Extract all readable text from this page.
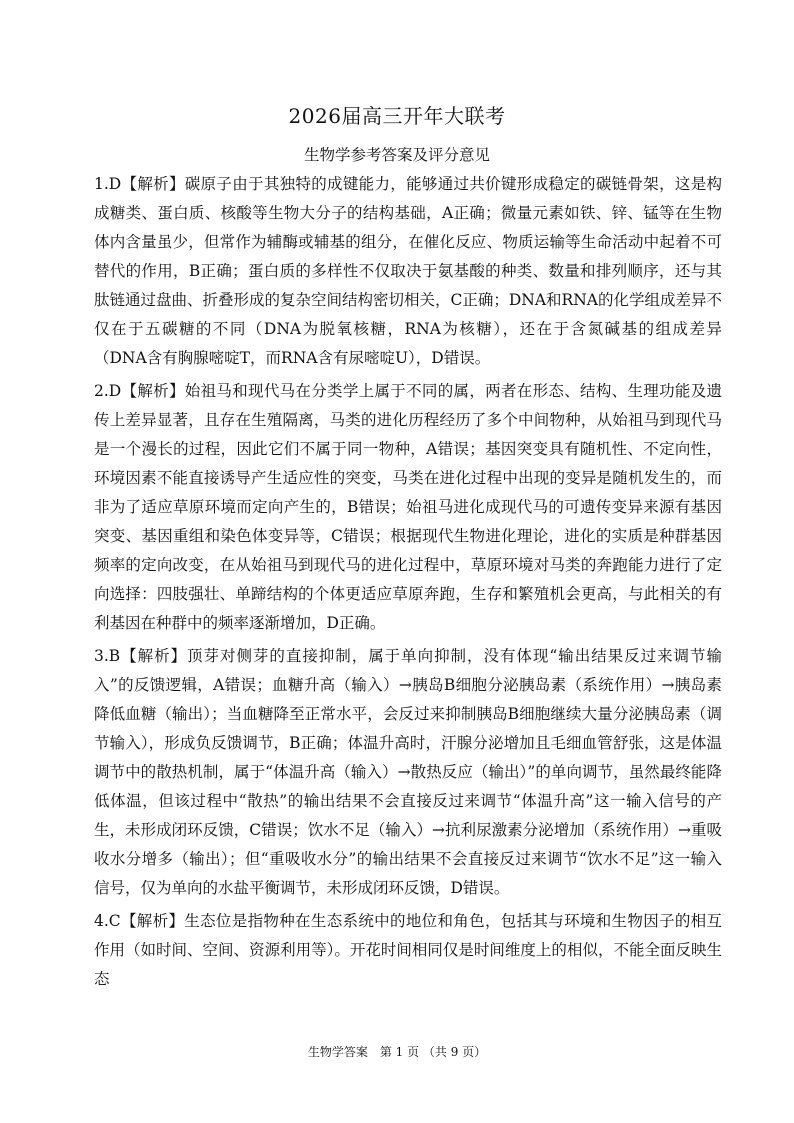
2026届高三开年大联考
生物学参考答案及评分意见

1.D【解析】碳原子由于其独特的成键能力，能够通过共价键形成稳定的碳链骨架，这是构成糖类、蛋白质、核酸等生物大分子的结构基础，A正确；微量元素如铁、锌、锰等在生物体内含量虽少，但常作为辅酶或辅基的组分，在催化反应、物质运输等生命活动中起着不可替代的作用，B正确；蛋白质的多样性不仅取决于氨基酸的种类、数量和排列顺序，还与其肽链通过盘曲、折叠形成的复杂空间结构密切相关，C正确；DNA和RNA的化学组成差异不仅在于五碳糖的不同（DNA为脱氧核糖，RNA为核糖），还在于含氮碱基的组成差异（DNA含有胸腺嘧啶T，而RNA含有尿嘧啶U），D错误。

2.D【解析】始祖马和现代马在分类学上属于不同的属，两者在形态、结构、生理功能及遗传上差异显著，且存在生殖隔离，马类的进化历程经历了多个中间物种，从始祖马到现代马是一个漫长的过程，因此它们不属于同一物种，A错误；基因突变具有随机性、不定向性，环境因素不能直接诱导产生适应性的突变，马类在进化过程中出现的变异是随机发生的，而非为了适应草原环境而定向产生的，B错误；始祖马进化成现代马的可遗传变异来源有基因突变、基因重组和染色体变异等，C错误；根据现代生物进化理论，进化的实质是种群基因频率的定向改变，在从始祖马到现代马的进化过程中，草原环境对马类的奔跑能力进行了定向选择：四肢强壮、单蹄结构的个体更适应草原奔跑，生存和繁殖机会更高，与此相关的有利基因在种群中的频率逐渐增加，D正确。

3.B【解析】顶芽对侧芽的直接抑制，属于单向抑制，没有体现“输出结果反过来调节输入”的反馈逻辑，A错误；血糖升高（输入）→胰岛B细胞分泌胰岛素（系统作用）→胰岛素降低血糖（输出）；当血糖降至正常水平，会反过来抑制胰岛B细胞继续大量分泌胰岛素（调节输入），形成负反馈调节，B正确；体温升高时，汗腺分泌增加且毛细血管舒张，这是体温调节中的散热机制，属于“体温升高（输入）→散热反应（输出）”的单向调节，虽然最终能降低体温，但该过程中“散热”的输出结果不会直接反过来调节“体温升高”这一输入信号的产生，未形成闭环反馈，C错误；饮水不足（输入）→抗利尿激素分泌增加（系统作用）→重吸收水分增多（输出）；但“重吸收水分”的输出结果不会直接反过来调节“饮水不足”这一输入信号，仅为单向的水盐平衡调节，未形成闭环反馈，D错误。

4.C【解析】生态位是指物种在生态系统中的地位和角色，包括其与环境和生物因子的相互作用（如时间、空间、资源利用等）。开花时间相同仅是时间维度上的相似，不能全面反映生态

生物学答案　第 1 页 （共 9 页）
